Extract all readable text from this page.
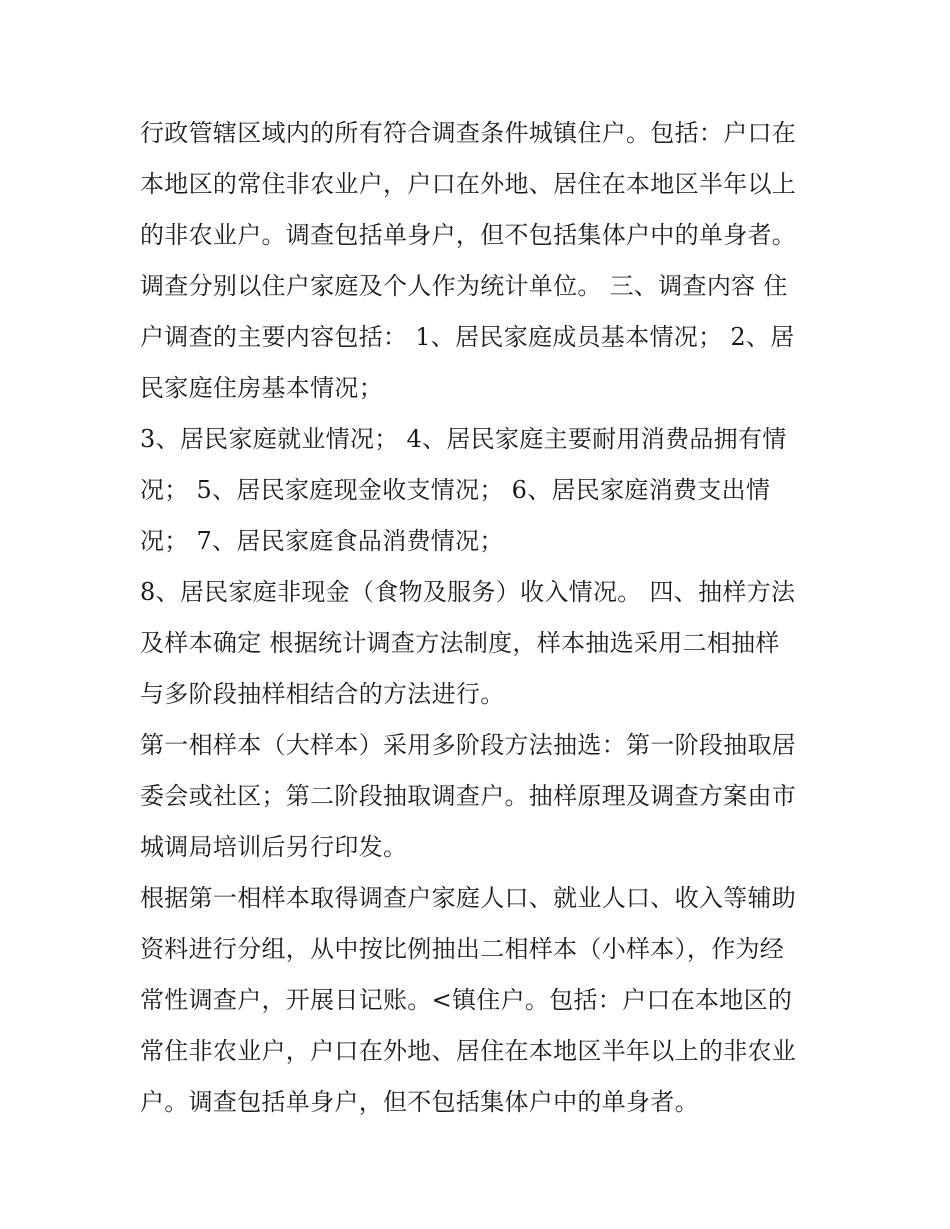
行政管辖区域内的所有符合调查条件城镇住户。包括：户口在
本地区的常住非农业户，户口在外地、居住在本地区半年以上
的非农业户。调查包括单身户，但不包括集体户中的单身者。
调查分别以住户家庭及个人作为统计单位。 三、调查内容 住
户调查的主要内容包括： 1、居民家庭成员基本情况； 2、居
民家庭住房基本情况；
3、居民家庭就业情况； 4、居民家庭主要耐用消费品拥有情
况； 5、居民家庭现金收支情况； 6、居民家庭消费支出情
况； 7、居民家庭食品消费情况；
8、居民家庭非现金（食物及服务）收入情况。 四、抽样方法
及样本确定 根据统计调查方法制度，样本抽选采用二相抽样
与多阶段抽样相结合的方法进行。
第一相样本（大样本）采用多阶段方法抽选：第一阶段抽取居
委会或社区；第二阶段抽取调查户。抽样原理及调查方案由市
城调局培训后另行印发。
根据第一相样本取得调查户家庭人口、就业人口、收入等辅助
资料进行分组，从中按比例抽出二相样本（小样本），作为经
常性调查户，开展日记账。<镇住户。包括：户口在本地区的
常住非农业户，户口在外地、居住在本地区半年以上的非农业
户。调查包括单身户，但不包括集体户中的单身者。
